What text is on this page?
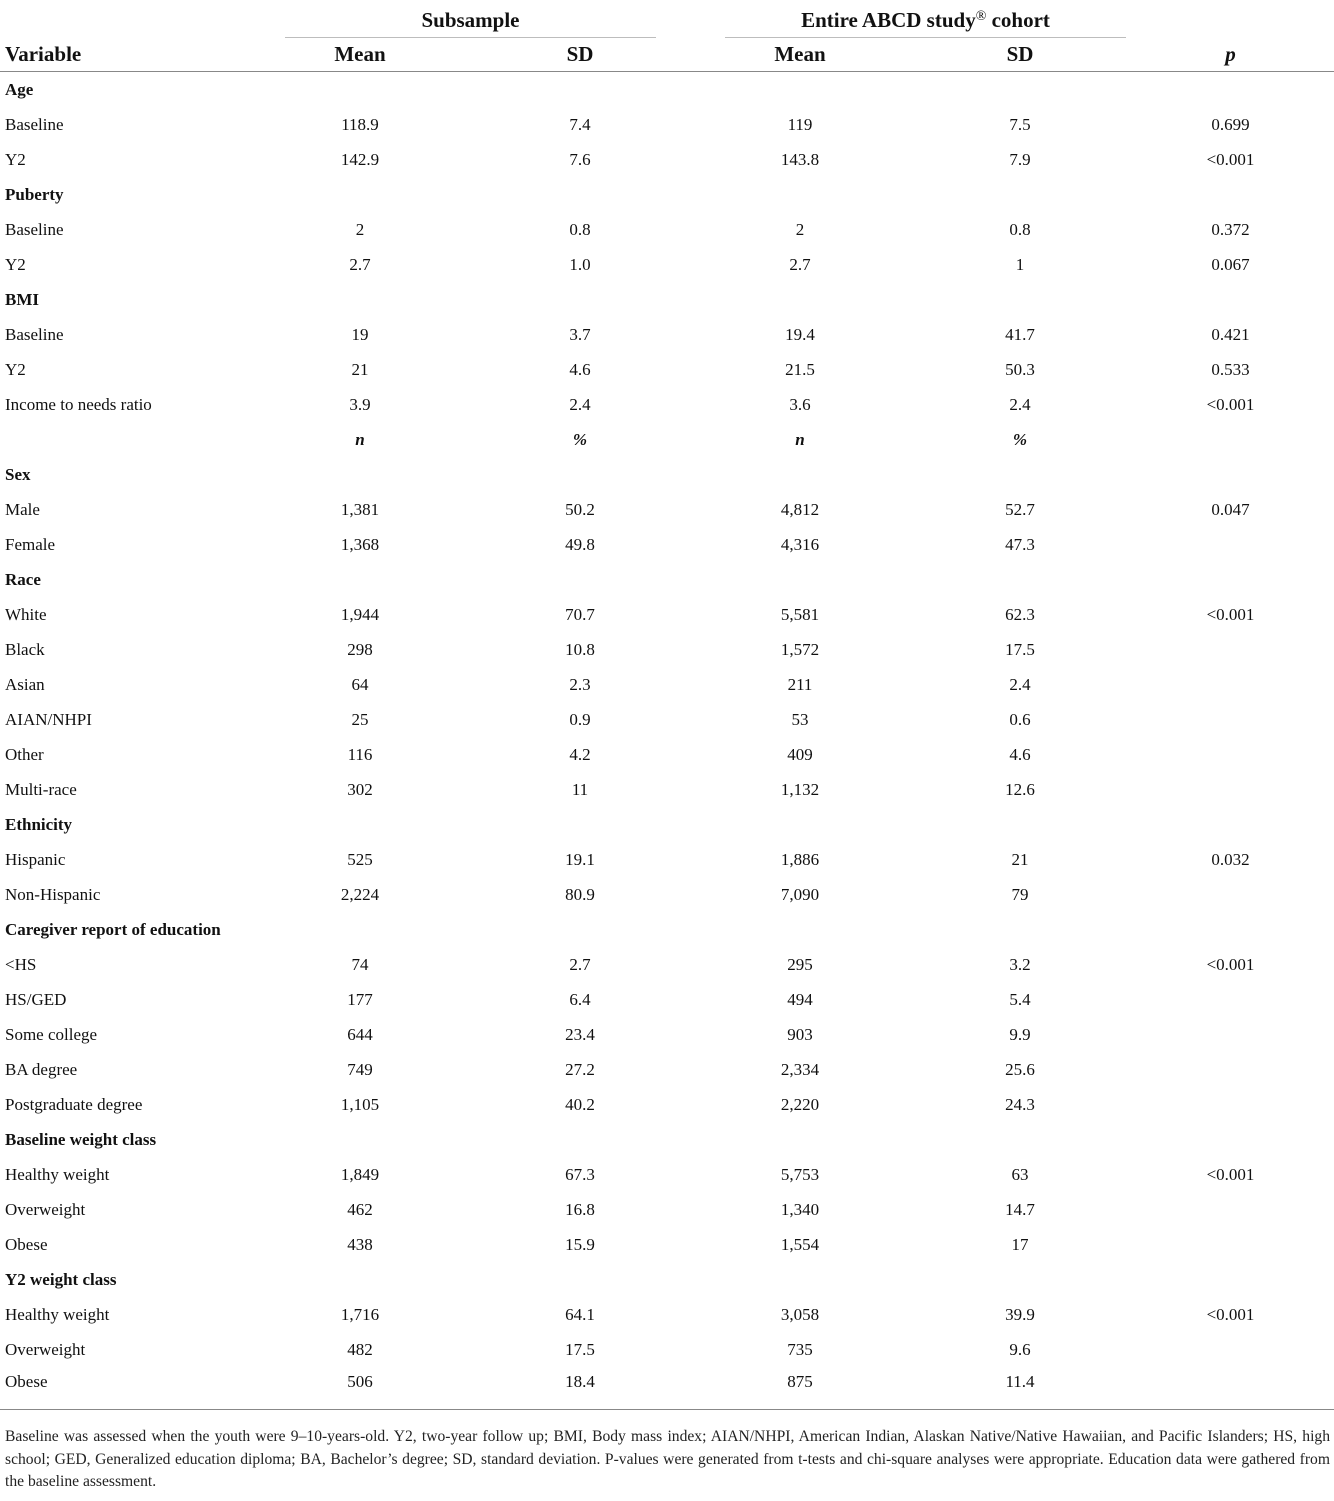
Subsample	Entire ABCD study® cohort
Variable	Mean	SD	Mean	SD	p
Age					
Baseline	118.9	7.4	119	7.5	0.699
Y2	142.9	7.6	143.8	7.9	<0.001
Puberty					
Baseline	2	0.8	2	0.8	0.372
Y2	2.7	1.0	2.7	1	0.067
BMI					
Baseline	19	3.7	19.4	41.7	0.421
Y2	21	4.6	21.5	50.3	0.533
Income to needs ratio	3.9	2.4	3.6	2.4	<0.001
	n	%	n	%	
Sex					
Male	1,381	50.2	4,812	52.7	0.047
Female	1,368	49.8	4,316	47.3	
Race					
White	1,944	70.7	5,581	62.3	<0.001
Black	298	10.8	1,572	17.5	
Asian	64	2.3	211	2.4	
AIAN/NHPI	25	0.9	53	0.6	
Other	116	4.2	409	4.6	
Multi-race	302	11	1,132	12.6	
Ethnicity					
Hispanic	525	19.1	1,886	21	0.032
Non-Hispanic	2,224	80.9	7,090	79	
Caregiver report of education					
<HS	74	2.7	295	3.2	<0.001
HS/GED	177	6.4	494	5.4	
Some college	644	23.4	903	9.9	
BA degree	749	27.2	2,334	25.6	
Postgraduate degree	1,105	40.2	2,220	24.3	
Baseline weight class					
Healthy weight	1,849	67.3	5,753	63	<0.001
Overweight	462	16.8	1,340	14.7	
Obese	438	15.9	1,554	17	
Y2 weight class					
Healthy weight	1,716	64.1	3,058	39.9	<0.001
Overweight	482	17.5	735	9.6	
Obese	506	18.4	875	11.4	
Baseline was assessed when the youth were 9–10-years-old. Y2, two-year follow up; BMI, Body mass index; AIAN/NHPI, American Indian, Alaskan Native/Native Hawaiian, and Pacific Islanders; HS, high school; GED, Generalized education diploma; BA, Bachelor’s degree; SD, standard deviation. P-values were generated from t-tests and chi-square analyses were appropriate. Education data were gathered from the baseline assessment.
